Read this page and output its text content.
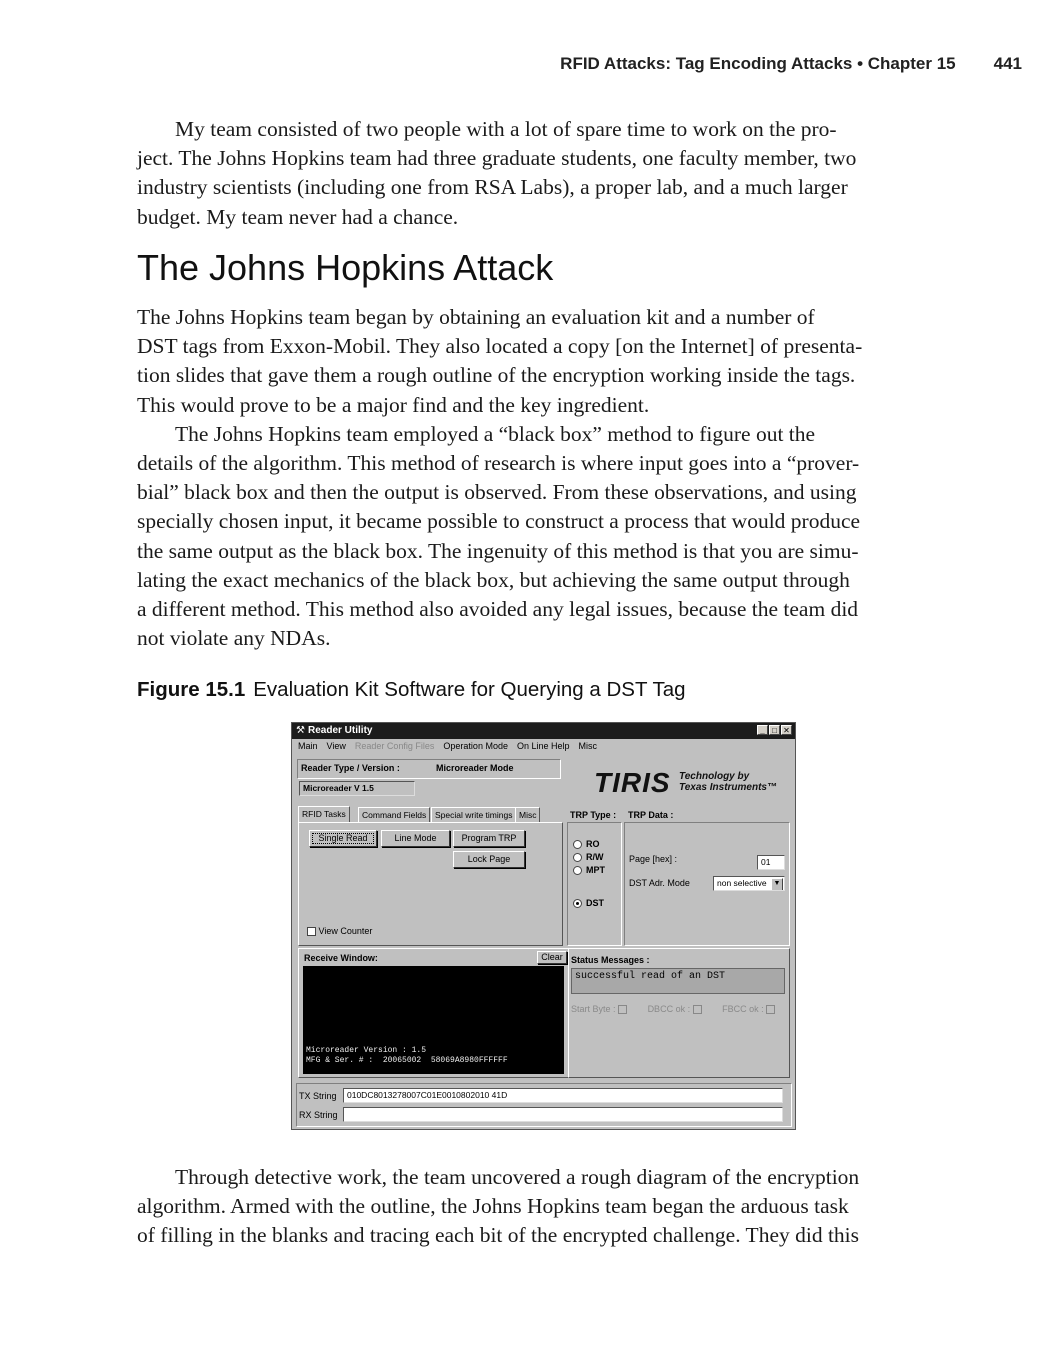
RFID Attacks: Tag Encoding Attacks • Chapter 15 441
My team consisted of two people with a lot of spare time to work on the pro-
ject. The Johns Hopkins team had three graduate students, one faculty member, two
industry scientists (including one from RSA Labs), a proper lab, and a much larger
budget. My team never had a chance.
The Johns Hopkins Attack
The Johns Hopkins team began by obtaining an evaluation kit and a number of
DST tags from Exxon-Mobil. They also located a copy [on the Internet] of presenta-
tion slides that gave them a rough outline of the encryption working inside the tags.
This would prove to be a major find and the key ingredient.
The Johns Hopkins team employed a “black box” method to figure out the
details of the algorithm. This method of research is where input goes into a “prover-
bial” black box and then the output is observed. From these observations, and using
specially chosen input, it became possible to construct a process that would produce
the same output as the black box. The ingenuity of this method is that you are simu-
lating the exact mechanics of the black box, but achieving the same output through
a different method. This method also avoided any legal issues, because the team did
not violate any NDAs.
Figure 15.1 Evaluation Kit Software for Querying a DST Tag
⚒ Reader Utility	_ □ ✕
Main View Reader Config Files Operation Mode On Line Help Misc
Reader Type / Version :	Microreader Mode
Microreader V 1.5	TIRIS Technology by
Texas Instruments™
RFID Tasks	Command Fields	Special write timings Misc
Single Read	Line Mode	Program TRP
Lock Page
View Counter
TRP Type :
RO
R/W
MPT
DST
TRP Data :
Page [hex] :	01
DST Adr. Mode	non selective ▼
Receive Window:	Clear
Microreader Version : 1.5
MFG & Ser. # :  20065002  58069A8980FFFFFF
Status Messages :
successful read of an DST
Start Byte :	DBCC ok :	FBCC ok :
TX String	010DC8013278007C01E0010802010 41D
RX String
Through detective work, the team uncovered a rough diagram of the encryption
algorithm. Armed with the outline, the Johns Hopkins team began the arduous task
of filling in the blanks and tracing each bit of the encrypted challenge. They did this
